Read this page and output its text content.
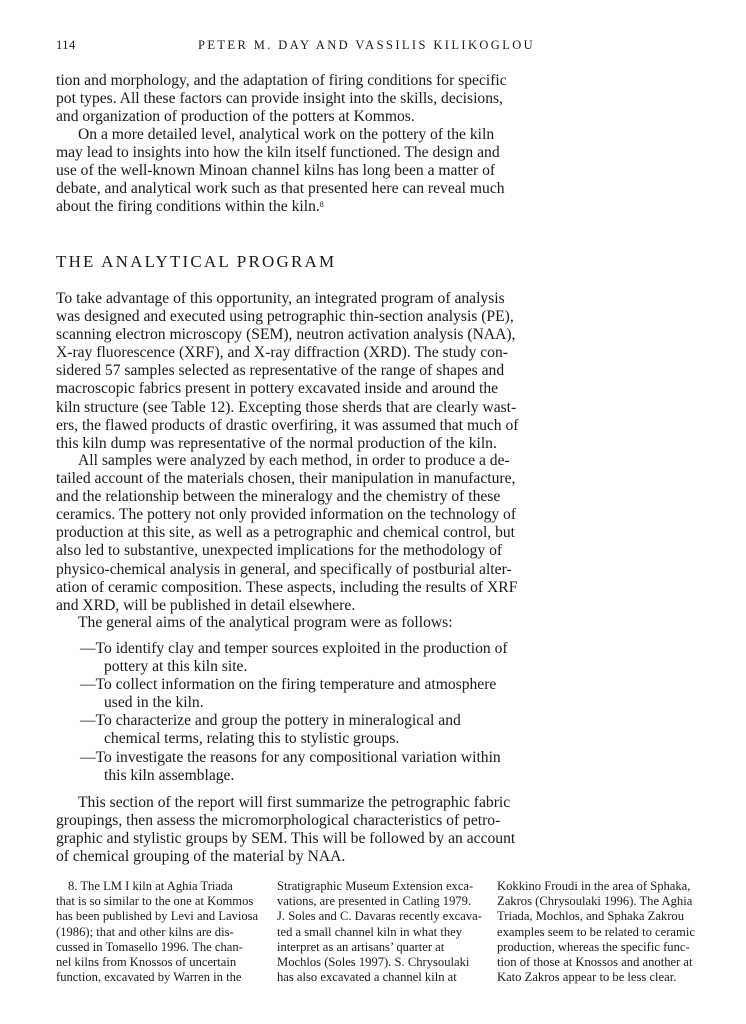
114	PETER M. DAY AND VASSILIS KILIKOGLOU

tion and morphology, and the adaptation of firing conditions for specific
pot types. All these factors can provide insight into the skills, decisions,
and organization of production of the potters at Kommos.

On a more detailed level, analytical work on the pottery of the kiln
may lead to insights into how the kiln itself functioned. The design and
use of the well-known Minoan channel kilns has long been a matter of
debate, and analytical work such as that presented here can reveal much
about the firing conditions within the kiln.$^8$

THE ANALYTICAL PROGRAM

To take advantage of this opportunity, an integrated program of analysis
was designed and executed using petrographic thin-section analysis (PE),
scanning electron microscopy (SEM), neutron activation analysis (NAA),
X-ray fluorescence (XRF), and X-ray diffraction (XRD). The study con-
sidered 57 samples selected as representative of the range of shapes and
macroscopic fabrics present in pottery excavated inside and around the
kiln structure (see Table 12). Excepting those sherds that are clearly wast-
ers, the flawed products of drastic overfiring, it was assumed that much of
this kiln dump was representative of the normal production of the kiln.

All samples were analyzed by each method, in order to produce a de-
tailed account of the materials chosen, their manipulation in manufacture,
and the relationship between the mineralogy and the chemistry of these
ceramics. The pottery not only provided information on the technology of
production at this site, as well as a petrographic and chemical control, but
also led to substantive, unexpected implications for the methodology of
physico-chemical analysis in general, and specifically of postburial alter-
ation of ceramic composition. These aspects, including the results of XRF
and XRD, will be published in detail elsewhere.

The general aims of the analytical program were as follows:

—To identify clay and temper sources exploited in the production of
pottery at this kiln site.
—To collect information on the firing temperature and atmosphere
used in the kiln.
—To characterize and group the pottery in mineralogical and
chemical terms, relating this to stylistic groups.
—To investigate the reasons for any compositional variation within
this kiln assemblage.

This section of the report will first summarize the petrographic fabric
groupings, then assess the micromorphological characteristics of petro-
graphic and stylistic groups by SEM. This will be followed by an account
of chemical grouping of the material by NAA.

8. The LM I kiln at Aghia Triada
that is so similar to the one at Kommos
has been published by Levi and Laviosa
(1986); that and other kilns are dis-
cussed in Tomasello 1996. The chan-
nel kilns from Knossos of uncertain
function, excavated by Warren in the
Stratigraphic Museum Extension exca-
vations, are presented in Catling 1979.
J. Soles and C. Davaras recently excava-
ted a small channel kiln in what they
interpret as an artisans’ quarter at
Mochlos (Soles 1997). S. Chrysoulaki
has also excavated a channel kiln at
Kokkino Froudi in the area of Sphaka,
Zakros (Chrysoulaki 1996). The Aghia
Triada, Mochlos, and Sphaka Zakrou
examples seem to be related to ceramic
production, whereas the specific func-
tion of those at Knossos and another at
Kato Zakros appear to be less clear.
